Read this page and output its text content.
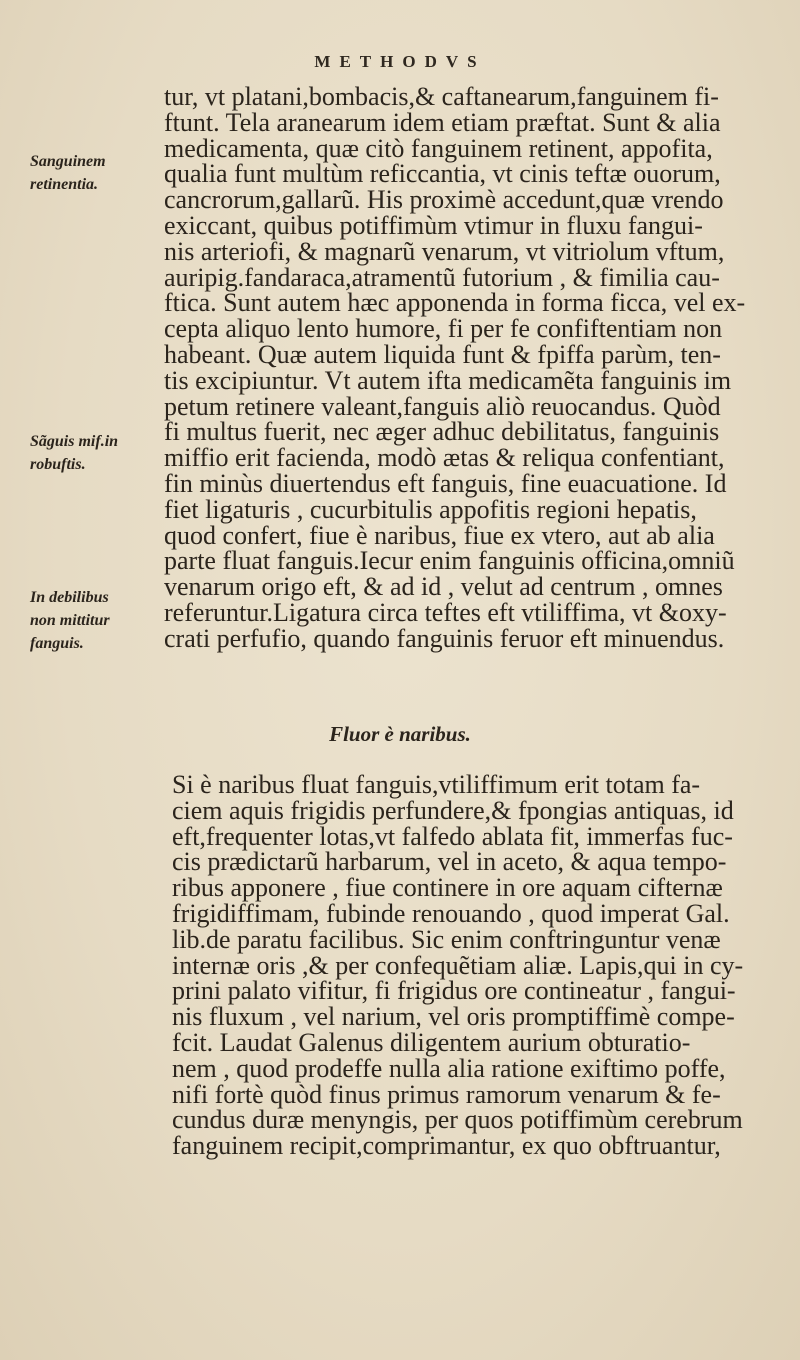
METHODVS
Sanguinem
retinentia.
Sãguis mif.in
robuftis.
In debilibus
non mittitur
fanguis.
tur, vt platani,bombacis,& caftanearum,fanguinem fi-
ftunt. Tela aranearum idem etiam præftat. Sunt & alia
medicamenta, quæ citò fanguinem retinent, appofita,
qualia funt multùm reficcantia, vt cinis teftæ ouorum,
cancrorum,gallarũ. His proximè accedunt,quæ vrendo
exiccant, quibus potiffimùm vtimur in fluxu fangui-
nis arteriofi, & magnarũ venarum, vt vitriolum vftum,
auripig.fandaraca,atramentũ futorium , & fimilia cau-
ftica. Sunt autem hæc apponenda in forma ficca, vel ex-
cepta aliquo lento humore, fi per fe confiftentiam non
habeant. Quæ autem liquida funt & fpiffa parùm, ten-
tis excipiuntur. Vt autem ifta medicamẽta fanguinis im
petum retinere valeant,fanguis aliò reuocandus. Quòd
fi multus fuerit, nec æger adhuc debilitatus, fanguinis
miffio erit facienda, modò ætas & reliqua confentiant,
fin minùs diuertendus eft fanguis, fine euacuatione. Id
fiet ligaturis , cucurbitulis appofitis regioni hepatis,
quod confert, fiue è naribus, fiue ex vtero, aut ab alia
parte fluat fanguis.Iecur enim fanguinis officina,omniũ
venarum origo eft, & ad id , velut ad centrum , omnes
referuntur.Ligatura circa teftes eft vtiliffima, vt &oxy-
crati perfufio, quando fanguinis feruor eft minuendus.
Fluor è naribus.
Si è naribus fluat fanguis,vtiliffimum erit totam fa-
ciem aquis frigidis perfundere,& fpongias antiquas, id
eft,frequenter lotas,vt falfedo ablata fit, immerfas fuc-
cis prædictarũ harbarum, vel in aceto, & aqua tempo-
ribus apponere , fiue continere in ore aquam cifternæ
frigidiffimam, fubinde renouando , quod imperat Gal.
lib.de paratu facilibus. Sic enim conftringuntur venæ
internæ oris ,& per confequẽtiam aliæ. Lapis,qui in cy-
prini palato vifitur, fi frigidus ore contineatur , fangui-
nis fluxum , vel narium, vel oris promptiffimè compe-
fcit. Laudat Galenus diligentem aurium obturatio-
nem , quod prodeffe nulla alia ratione exiftimo poffe,
nifi fortè quòd finus primus ramorum venarum & fe-
cundus duræ menyngis, per quos potiffimùm cerebrum
fanguinem recipit,comprimantur, ex quo obftruantur,
